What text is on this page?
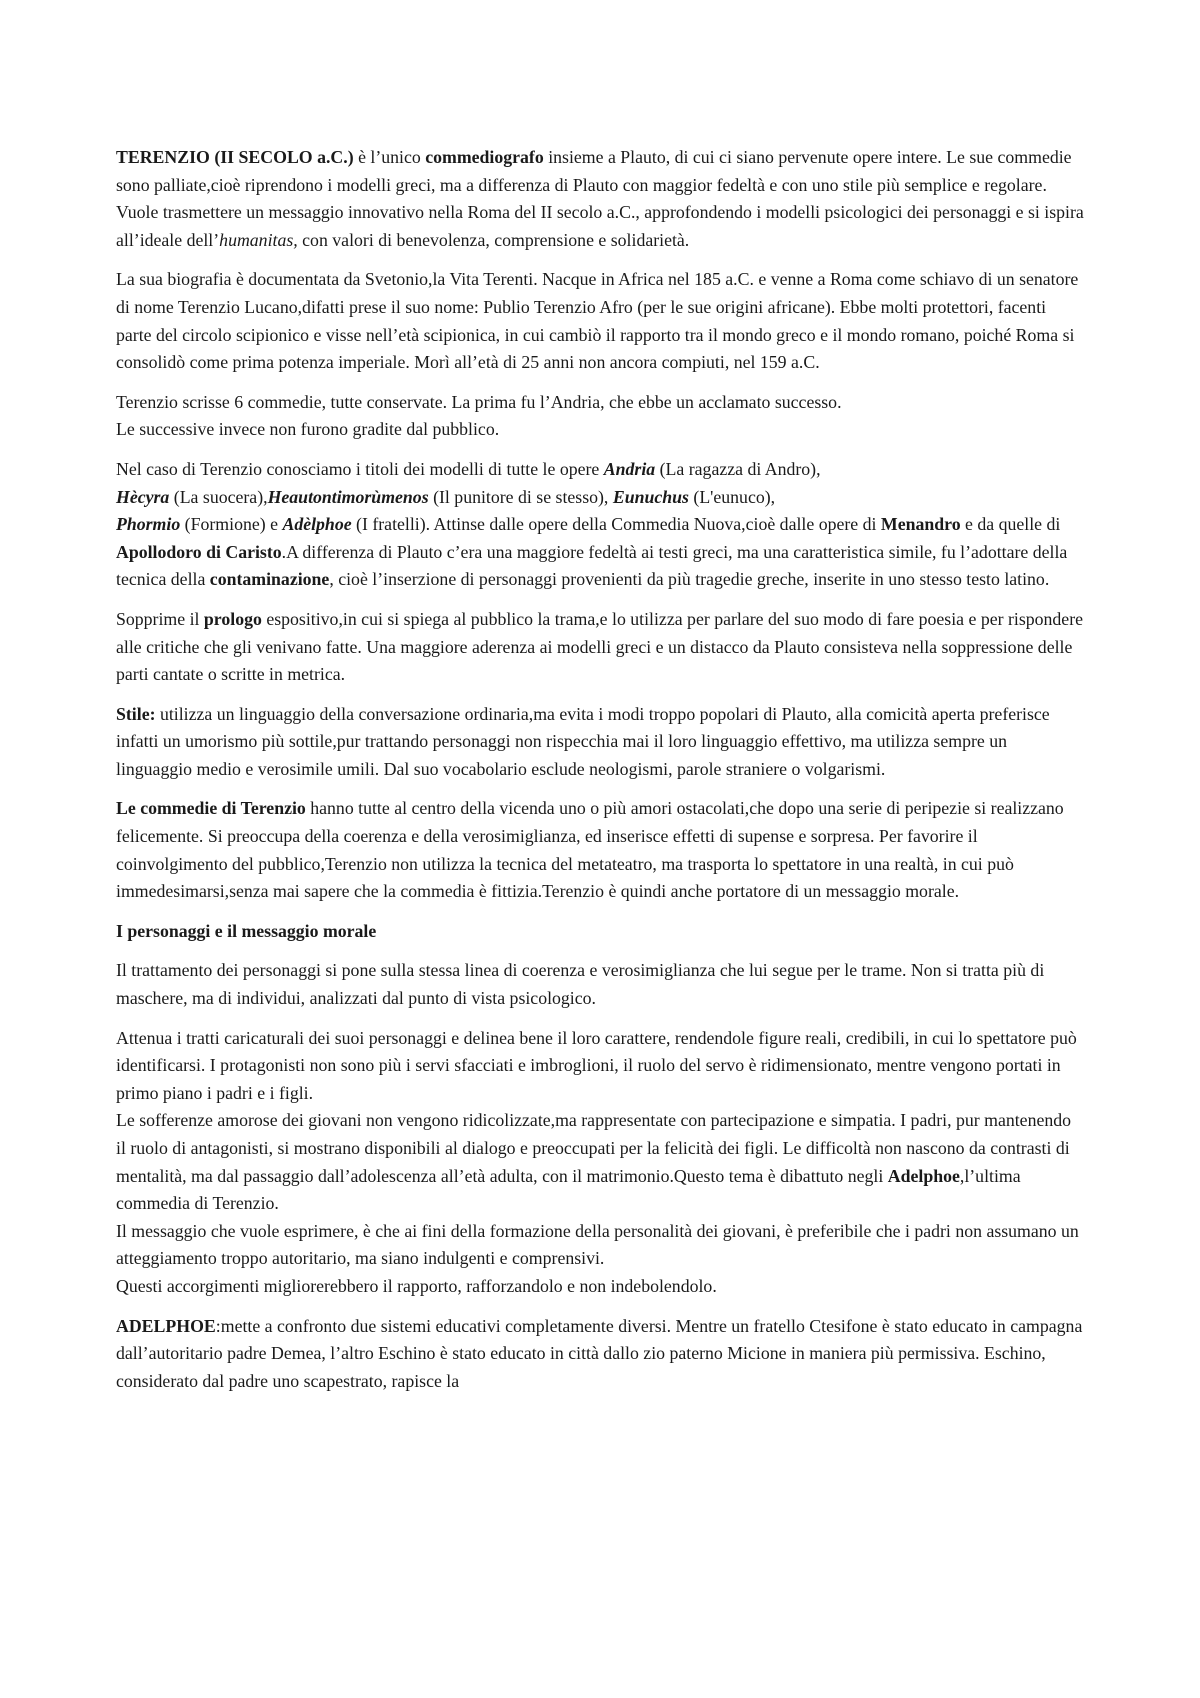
TERENZIO (II SECOLO a.C.) è l’unico commediografo insieme a Plauto, di cui ci siano pervenute opere intere. Le sue commedie sono palliate,cioè riprendono i modelli greci, ma a differenza di Plauto con maggior fedeltà e con uno stile più semplice e regolare. Vuole trasmettere un messaggio innovativo nella Roma del II secolo a.C., approfondendo i modelli psicologici dei personaggi e si ispira all’ideale dell’humanitas, con valori di benevolenza, comprensione e solidarietà.

La sua biografia è documentata da Svetonio,la Vita Terenti. Nacque in Africa nel 185 a.C. e venne a Roma come schiavo di un senatore di nome Terenzio Lucano,difatti prese il suo nome: Publio Terenzio Afro (per le sue origini africane). Ebbe molti protettori, facenti parte del circolo scipionico e visse nell’età scipionica, in cui cambiò il rapporto tra il mondo greco e il mondo romano, poiché Roma si consolidò come prima potenza imperiale. Morì all’età di 25 anni non ancora compiuti, nel 159 a.C.

Terenzio scrisse 6 commedie, tutte conservate. La prima fu l’Andria, che ebbe un acclamato successo.
Le successive invece non furono gradite dal pubblico.

Nel caso di Terenzio conosciamo i titoli dei modelli di tutte le opere Andria (La ragazza di Andro),
Hècyra (La suocera),Heautontimorùmenos (Il punitore di se stesso), Eunuchus (L'eunuco),
Phormio (Formione) e Adèlphoe (I fratelli). Attinse dalle opere della Commedia Nuova,cioè dalle opere di Menandro e da quelle di Apollodoro di Caristo.A differenza di Plauto c’era una maggiore fedeltà ai testi greci, ma una caratteristica simile, fu l’adottare della tecnica della contaminazione, cioè l’inserzione di personaggi provenienti da più tragedie greche, inserite in uno stesso testo latino.

Sopprime il prologo espositivo,in cui si spiega al pubblico la trama,e lo utilizza per parlare del suo modo di fare poesia e per rispondere alle critiche che gli venivano fatte. Una maggiore aderenza ai modelli greci e un distacco da Plauto consisteva nella soppressione delle parti cantate o scritte in metrica.

Stile: utilizza un linguaggio della conversazione ordinaria,ma evita i modi troppo popolari di Plauto, alla comicità aperta preferisce infatti un umorismo più sottile,pur trattando personaggi non rispecchia mai il loro linguaggio effettivo, ma utilizza sempre un linguaggio medio e verosimile umili. Dal suo vocabolario esclude neologismi, parole straniere o volgarismi.

Le commedie di Terenzio hanno tutte al centro della vicenda uno o più amori ostacolati,che dopo una serie di peripezie si realizzano felicemente. Si preoccupa della coerenza e della verosimiglianza, ed inserisce effetti di supense e sorpresa. Per favorire il coinvolgimento del pubblico,Terenzio non utilizza la tecnica del metateatro, ma trasporta lo spettatore in una realtà, in cui può immedesimarsi,senza mai sapere che la commedia è fittizia.Terenzio è quindi anche portatore di un messaggio morale.

I personaggi e il messaggio morale

Il trattamento dei personaggi si pone sulla stessa linea di coerenza e verosimiglianza che lui segue per le trame. Non si tratta più di maschere, ma di individui, analizzati dal punto di vista psicologico.

Attenua i tratti caricaturali dei suoi personaggi e delinea bene il loro carattere, rendendole figure reali, credibili, in cui lo spettatore può identificarsi. I protagonisti non sono più i servi sfacciati e imbroglioni, il ruolo del servo è ridimensionato, mentre vengono portati in primo piano i padri e i figli.
Le sofferenze amorose dei giovani non vengono ridicolizzate,ma rappresentate con partecipazione e simpatia. I padri, pur mantenendo il ruolo di antagonisti, si mostrano disponibili al dialogo e preoccupati per la felicità dei figli. Le difficoltà non nascono da contrasti di mentalità, ma dal passaggio dall’adolescenza all’età adulta, con il matrimonio.Questo tema è dibattuto negli Adelphoe,l’ultima commedia di Terenzio.
Il messaggio che vuole esprimere, è che ai fini della formazione della personalità dei giovani, è preferibile che i padri non assumano un atteggiamento troppo autoritario, ma siano indulgenti e comprensivi.
Questi accorgimenti migliorerebbero il rapporto, rafforzandolo e non indebolendolo.

ADELPHOE:mette a confronto due sistemi educativi completamente diversi. Mentre un fratello Ctesifone è stato educato in campagna dall’autoritario padre Demea, l’altro Eschino è stato educato in città dallo zio paterno Micione in maniera più permissiva. Eschino, considerato dal padre uno scapestrato, rapisce la
